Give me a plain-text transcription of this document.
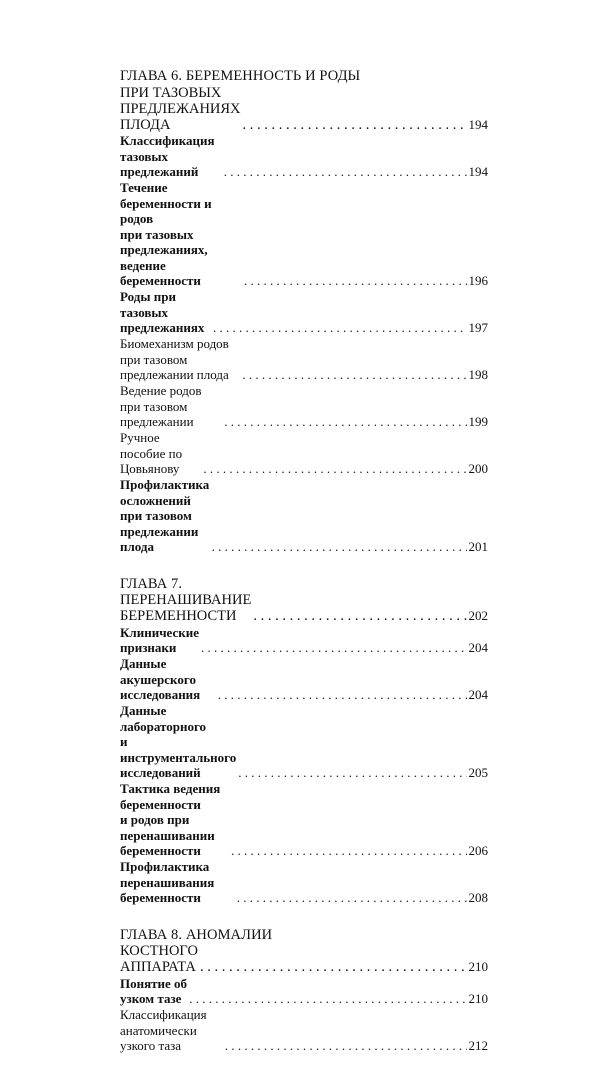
ГЛАВА 6. БЕРЕМЕННОСТЬ И РОДЫ
ПРИ ТАЗОВЫХ ПРЕДЛЕЖАНИЯХ ПЛОДА . . .	194
Классификация тазовых предлежаний . . .	194
Течение беременности и родов
при тазовых предлежаниях, ведение беременности . . .	196
Роды при тазовых предлежаниях . . .	197
Биомеханизм родов при тазовом предлежании плода . . .	198
Ведение родов при тазовом предлежании . . .	199
Ручное пособие по Цовьянову . . .	200
Профилактика осложнений
при тазовом предлежании плода . . .	201
ГЛАВА 7.
ПЕРЕНАШИВАНИЕ БЕРЕМЕННОСТИ . . .	202
Клинические признаки . . .	204
Данные акушерского исследования . . .	204
Данные лабораторного
и инструментального исследований . . .	205
Тактика ведения беременности
и родов при перенашивании беременности . . .	206
Профилактика перенашивания беременности . . .	208
ГЛАВА 8. АНОМАЛИИ
КОСТНОГО АППАРАТА . . .	210
Понятие об узком тазе . . .	210
Классификация анатомически узкого таза . . .	212
